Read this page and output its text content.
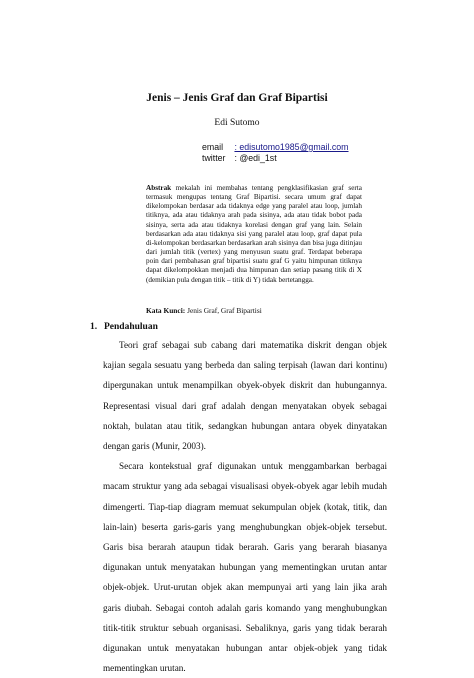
Jenis – Jenis Graf dan Graf Bipartisi
Edi Sutomo
email : edisutomo1985@gmail.com
twitter : @edi_1st
Abstrak mekalah ini membahas tentang pengklasifikasian graf serta termasuk mengupas tentang Graf Bipartisi. secara umum graf dapat dikelompokan berdasar ada tidaknya edge yang paralel atau loop, jumlah titiknya, ada atau tidaknya arah pada sisinya, ada atau tidak bobot pada sisinya, serta ada atau tidaknya korelasi dengan graf yang lain. Selain berdasarkan ada atau tidaknya sisi yang paralel atau loop, graf dapat pula di-kelompokan berdasarkan berdasarkan arah sisinya dan bisa juga ditinjau dari jumlah titik (vertex) yang menyusun suatu graf. Terdapat beberapa poin dari pembahasan graf bipartisi suatu graf G yaitu himpunan titiknya dapat dikelompokkan menjadi dua himpunan dan setiap pasang titik di X (demikian pula dengan titik – titik di Y) tidak bertetangga.
Kata Kunci: Jenis Graf, Graf Bipartisi
1. Pendahuluan

Teori graf sebagai sub cabang dari matematika diskrit dengan objek kajian segala sesuatu yang berbeda dan saling terpisah (lawan dari kontinu) dipergunakan untuk menampilkan obyek-obyek diskrit dan hubungannya. Representasi visual dari graf adalah dengan menyatakan obyek sebagai noktah, bulatan atau titik, sedangkan hubungan antara obyek dinyatakan dengan garis (Munir, 2003).

Secara kontekstual graf digunakan untuk menggambarkan berbagai macam struktur yang ada sebagai visualisasi obyek-obyek agar lebih mudah dimengerti. Tiap-tiap diagram memuat sekumpulan objek (kotak, titik, dan lain-lain) beserta garis-garis yang menghubungkan objek-objek tersebut. Garis bisa berarah ataupun tidak berarah. Garis yang berarah biasanya digunakan untuk menyatakan hubungan yang mementingkan urutan antar objek-objek. Urut-urutan objek akan mempunyai arti yang lain jika arah garis diubah. Sebagai contoh adalah garis komando yang menghubungkan titik-titik struktur sebuah organisasi. Sebaliknya, garis yang tidak berarah digunakan untuk menyatakan hubungan antar objek-objek yang tidak mementingkan urutan.
